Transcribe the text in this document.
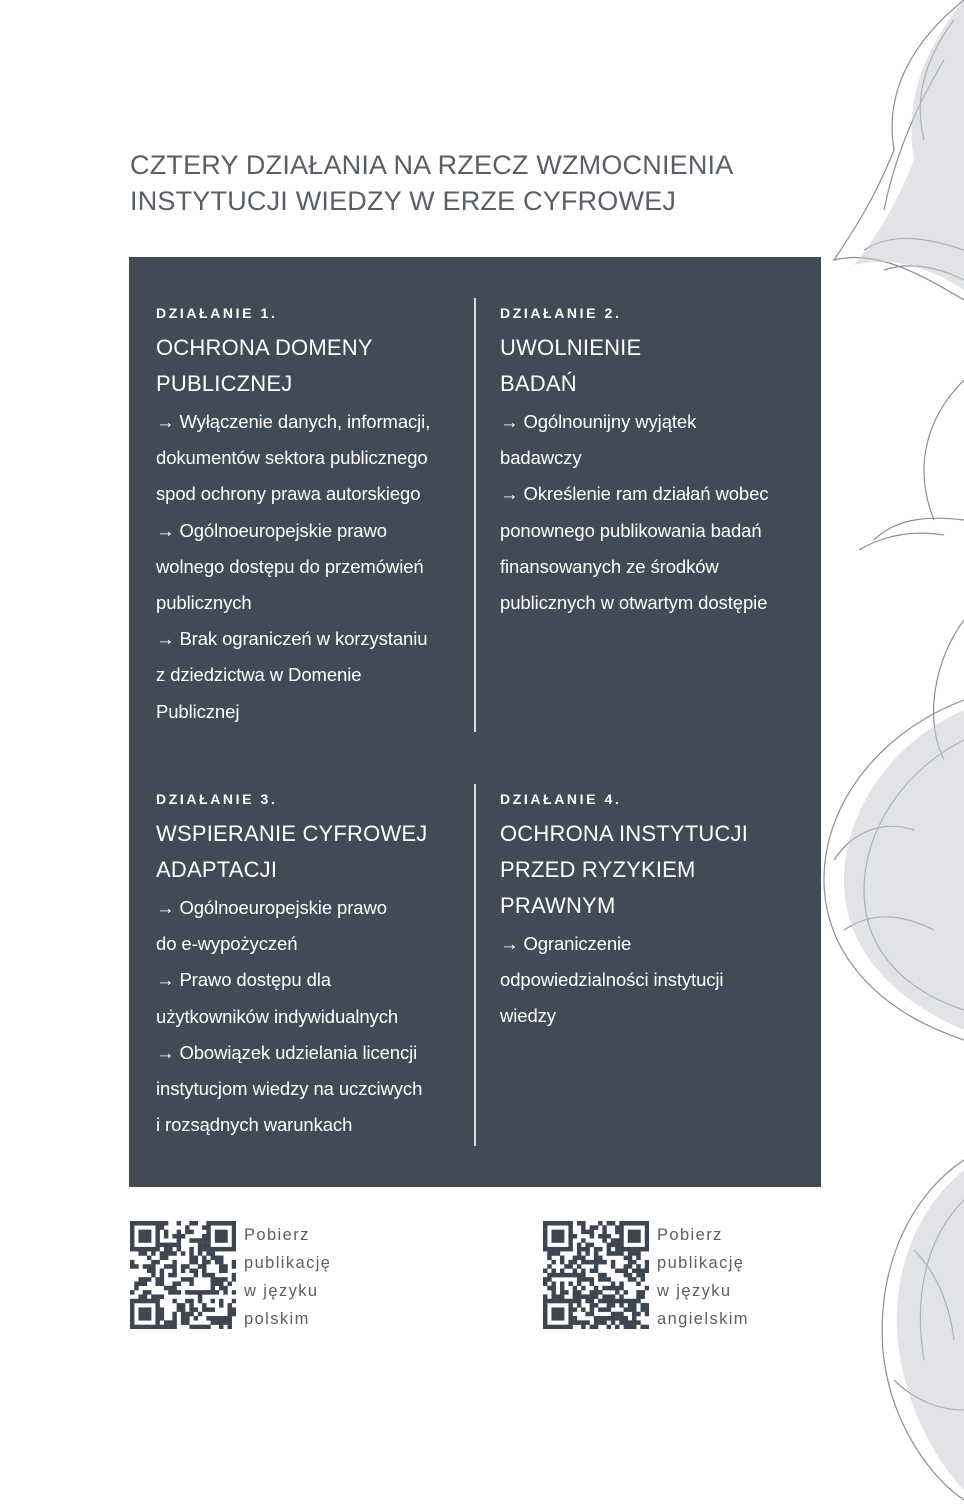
CZTERY DZIAŁANIA NA RZECZ WZMOCNIENIA
INSTYTUCJI WIEDZY W ERZE CYFROWEJ
DZIAŁANIE 1.
OCHRONA DOMENY
PUBLICZNEJ
→ Wyłączenie danych, informacji,
dokumentów sektora publicznego
spod ochrony prawa autorskiego
→ Ogólnoeuropejskie prawo
wolnego dostępu do przemówień
publicznych
→ Brak ograniczeń w korzystaniu
z dziedzictwa w Domenie
Publicznej
DZIAŁANIE 2.
UWOLNIENIE
BADAŃ
→ Ogólnounijny wyjątek
badawczy
→ Określenie ram działań wobec
ponownego publikowania badań
finansowanych ze środków
publicznych w otwartym dostępie
DZIAŁANIE 3.
WSPIERANIE CYFROWEJ
ADAPTACJI
→ Ogólnoeuropejskie prawo
do e-wypożyczeń
→ Prawo dostępu dla
użytkowników indywidualnych
→ Obowiązek udzielania licencji
instytucjom wiedzy na uczciwych
i rozsądnych warunkach
DZIAŁANIE 4.
OCHRONA INSTYTUCJI
PRZED RYZYKIEM PRAWNYM
→ Ograniczenie
odpowiedzialności instytucji
wiedzy
Pobierz
publikację
w języku
polskim
Pobierz
publikację
w języku
angielskim
